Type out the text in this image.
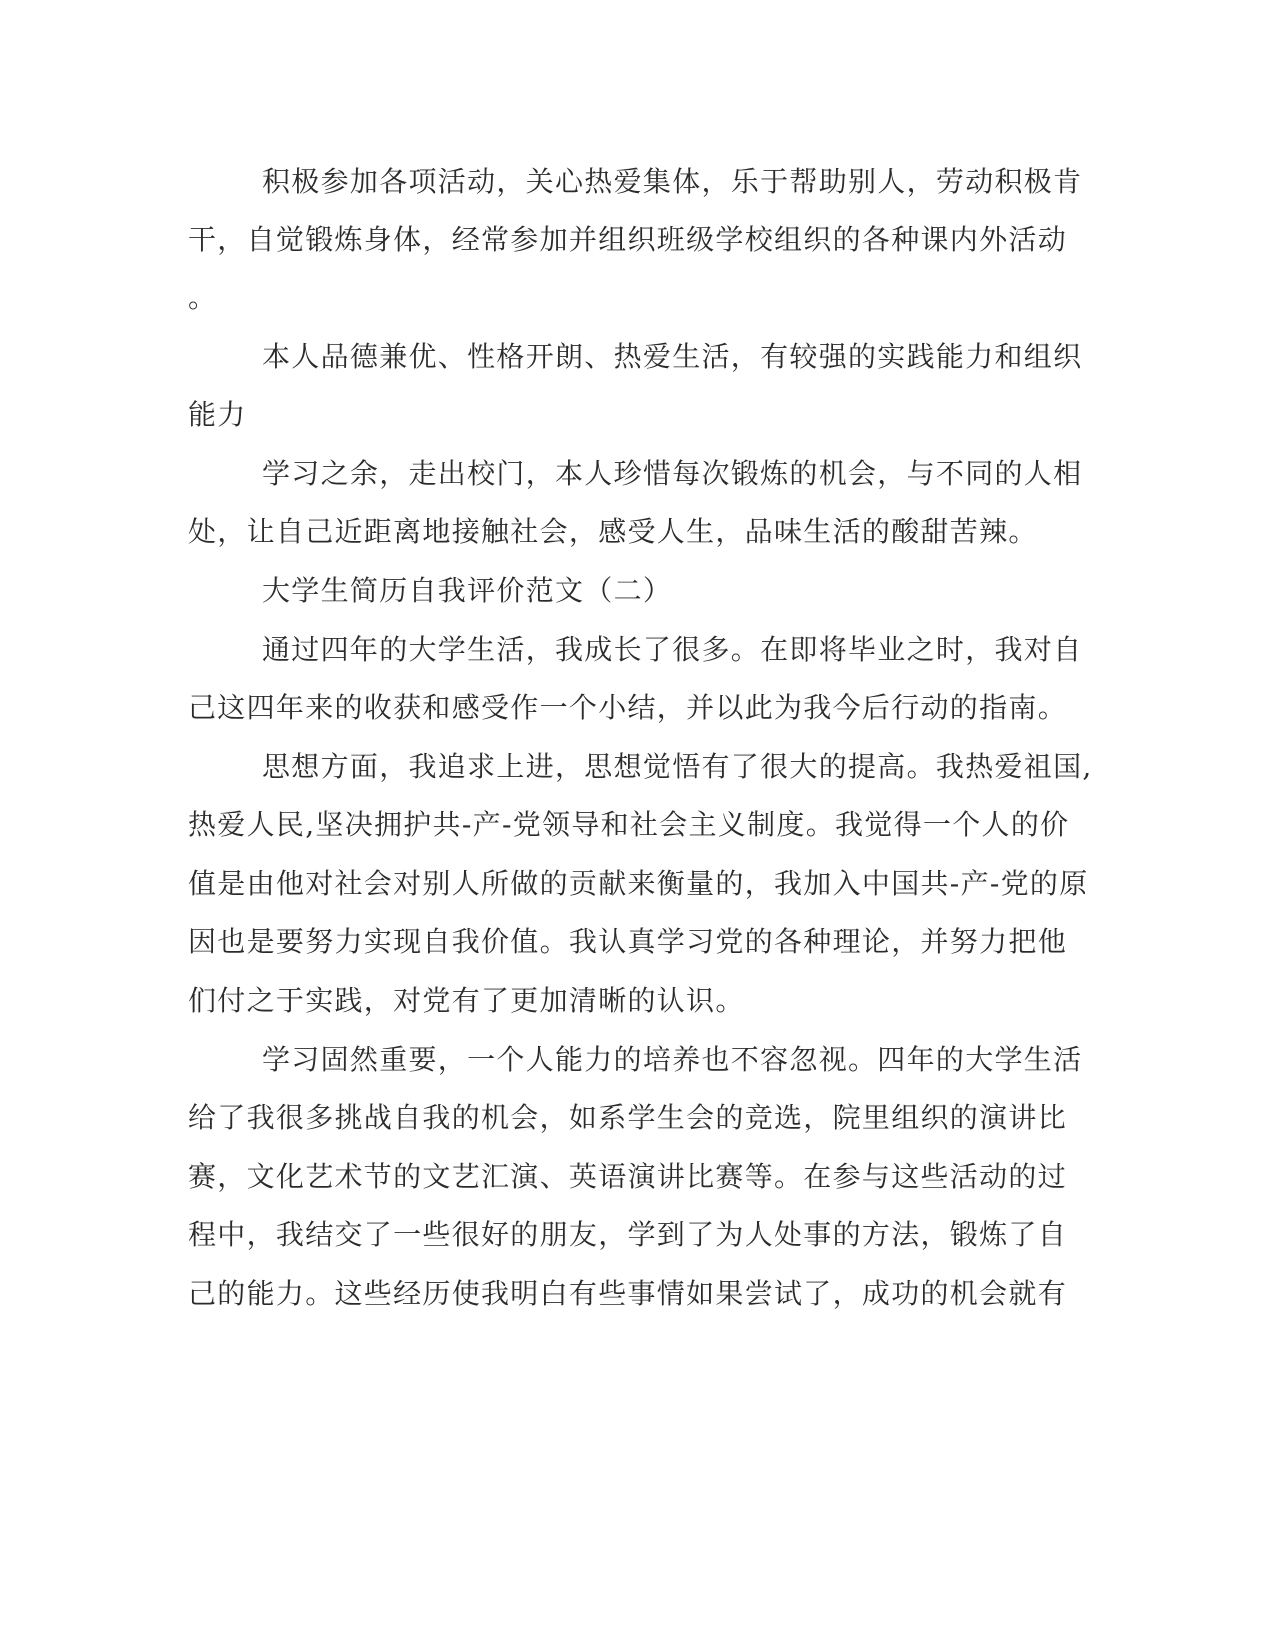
积极参加各项活动，关心热爱集体，乐于帮助别人，劳动积极肯
干，自觉锻炼身体，经常参加并组织班级学校组织的各种课内外活动
。
本人品德兼优、性格开朗、热爱生活，有较强的实践能力和组织
能力
学习之余，走出校门，本人珍惜每次锻炼的机会，与不同的人相
处，让自己近距离地接触社会，感受人生，品味生活的酸甜苦辣。
大学生简历自我评价范文（二）
通过四年的大学生活，我成长了很多。在即将毕业之时，我对自
己这四年来的收获和感受作一个小结，并以此为我今后行动的指南。
思想方面，我追求上进，思想觉悟有了很大的提高。我热爱祖国,
热爱人民,坚决拥护共-产-党领导和社会主义制度。我觉得一个人的价
值是由他对社会对别人所做的贡献来衡量的，我加入中国共-产-党的原
因也是要努力实现自我价值。我认真学习党的各种理论，并努力把他
们付之于实践，对党有了更加清晰的认识。
学习固然重要，一个人能力的培养也不容忽视。四年的大学生活
给了我很多挑战自我的机会，如系学生会的竞选，院里组织的演讲比
赛，文化艺术节的文艺汇演、英语演讲比赛等。在参与这些活动的过
程中，我结交了一些很好的朋友，学到了为人处事的方法，锻炼了自
己的能力。这些经历使我明白有些事情如果尝试了，成功的机会就有
